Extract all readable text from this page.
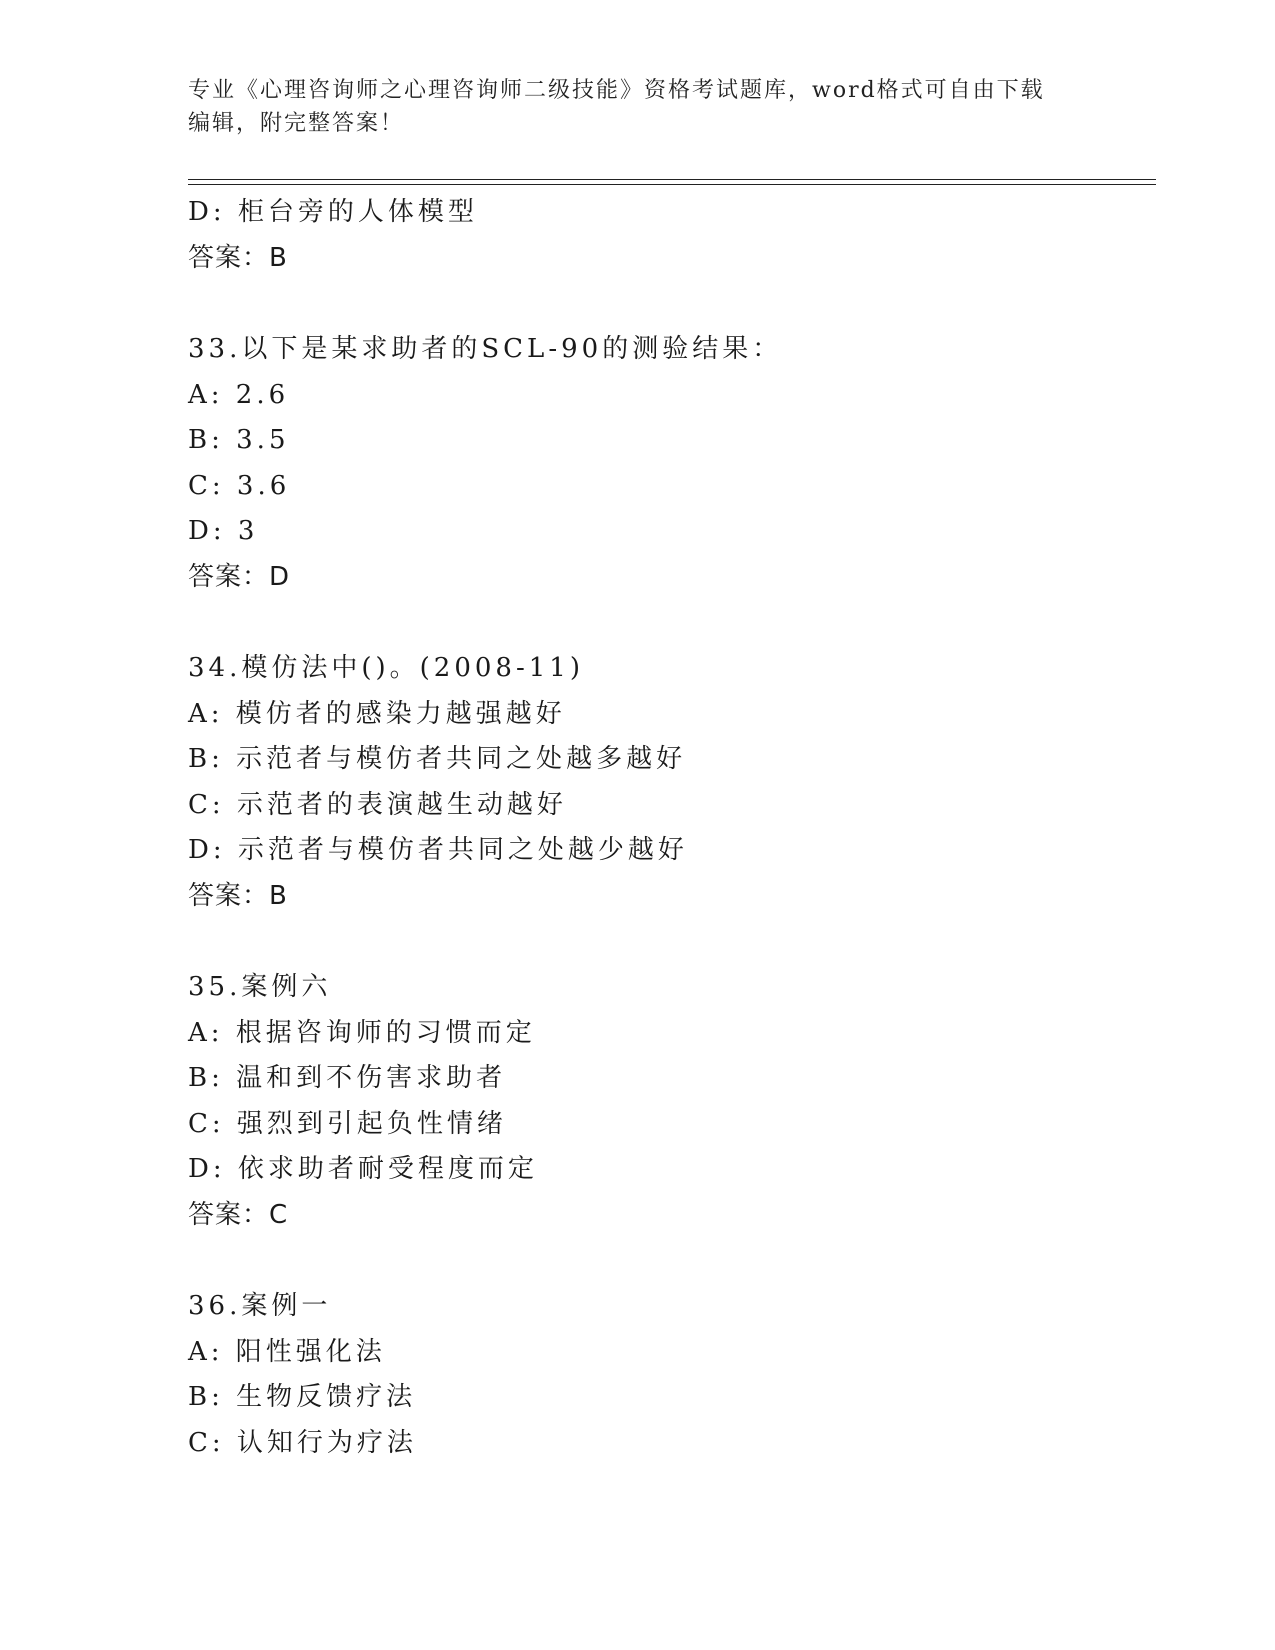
专业《心理咨询师之心理咨询师二级技能》资格考试题库，word格式可自由下载
编辑，附完整答案！
D: 柜台旁的人体模型
答案：B
33.以下是某求助者的SCL-90的测验结果：
A: 2.6
B: 3.5
C: 3.6
D: 3
答案：D
34.模仿法中()。(2008-11)
A: 模仿者的感染力越强越好
B: 示范者与模仿者共同之处越多越好
C: 示范者的表演越生动越好
D: 示范者与模仿者共同之处越少越好
答案：B
35.案例六
A: 根据咨询师的习惯而定
B: 温和到不伤害求助者
C: 强烈到引起负性情绪
D: 依求助者耐受程度而定
答案：C
36.案例一
A: 阳性强化法
B: 生物反馈疗法
C: 认知行为疗法
